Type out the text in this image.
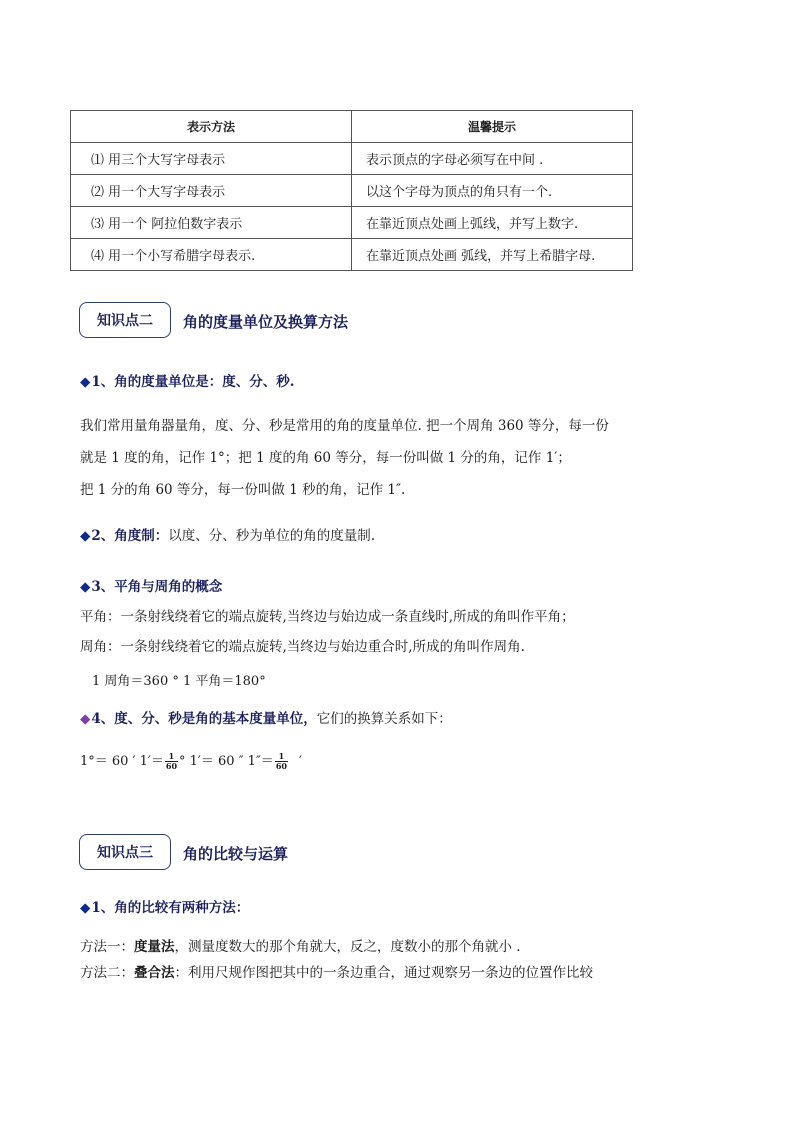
表示方法	温馨提示
⑴ 用三个大写字母表示	表示顶点的字母必须写在中间 .
⑵ 用一个大写字母表示	以这个字母为顶点的角只有一个.
⑶ 用一个 阿拉伯数字表示	在靠近顶点处画上弧线，并写上数字.
⑷ 用一个小写希腊字母表示.	在靠近顶点处画 弧线，并写上希腊字母.
知识点二	角的度量单位及换算方法
◆1、角的度量单位是：度、分、秒.
我们常用量角器量角，度、分、秒是常用的角的度量单位. 把一个周角 360 等分，每一份
就是 1 度的角，记作 1°；把 1 度的角 60 等分，每一份叫做 1 分的角，记作 1′；
把 1 分的角 60 等分，每一份叫做 1 秒的角，记作 1″.
◆2、角度制：以度、分、秒为单位的角的度量制.
◆3、平角与周角的概念
平角：一条射线绕着它的端点旋转,当终边与始边成一条直线时,所成的角叫作平角；
周角：一条射线绕着它的端点旋转,当终边与始边重合时,所成的角叫作周角.
1 周角＝360 ° 1 平角＝180°
◆4、度、分、秒是角的基本度量单位，它们的换算关系如下：
1°＝ 60 ′ $1'= \frac{1}{60}$ ° 1′＝ 60 ″ $1''= \frac{1}{60}$ ′
知识点三	角的比较与运算
◆1、角的比较有两种方法：
方法一：度量法，测量度数大的那个角就大，反之，度数小的那个角就小 .
方法二：叠合法：利用尺规作图把其中的一条边重合，通过观察另一条边的位置作比较
